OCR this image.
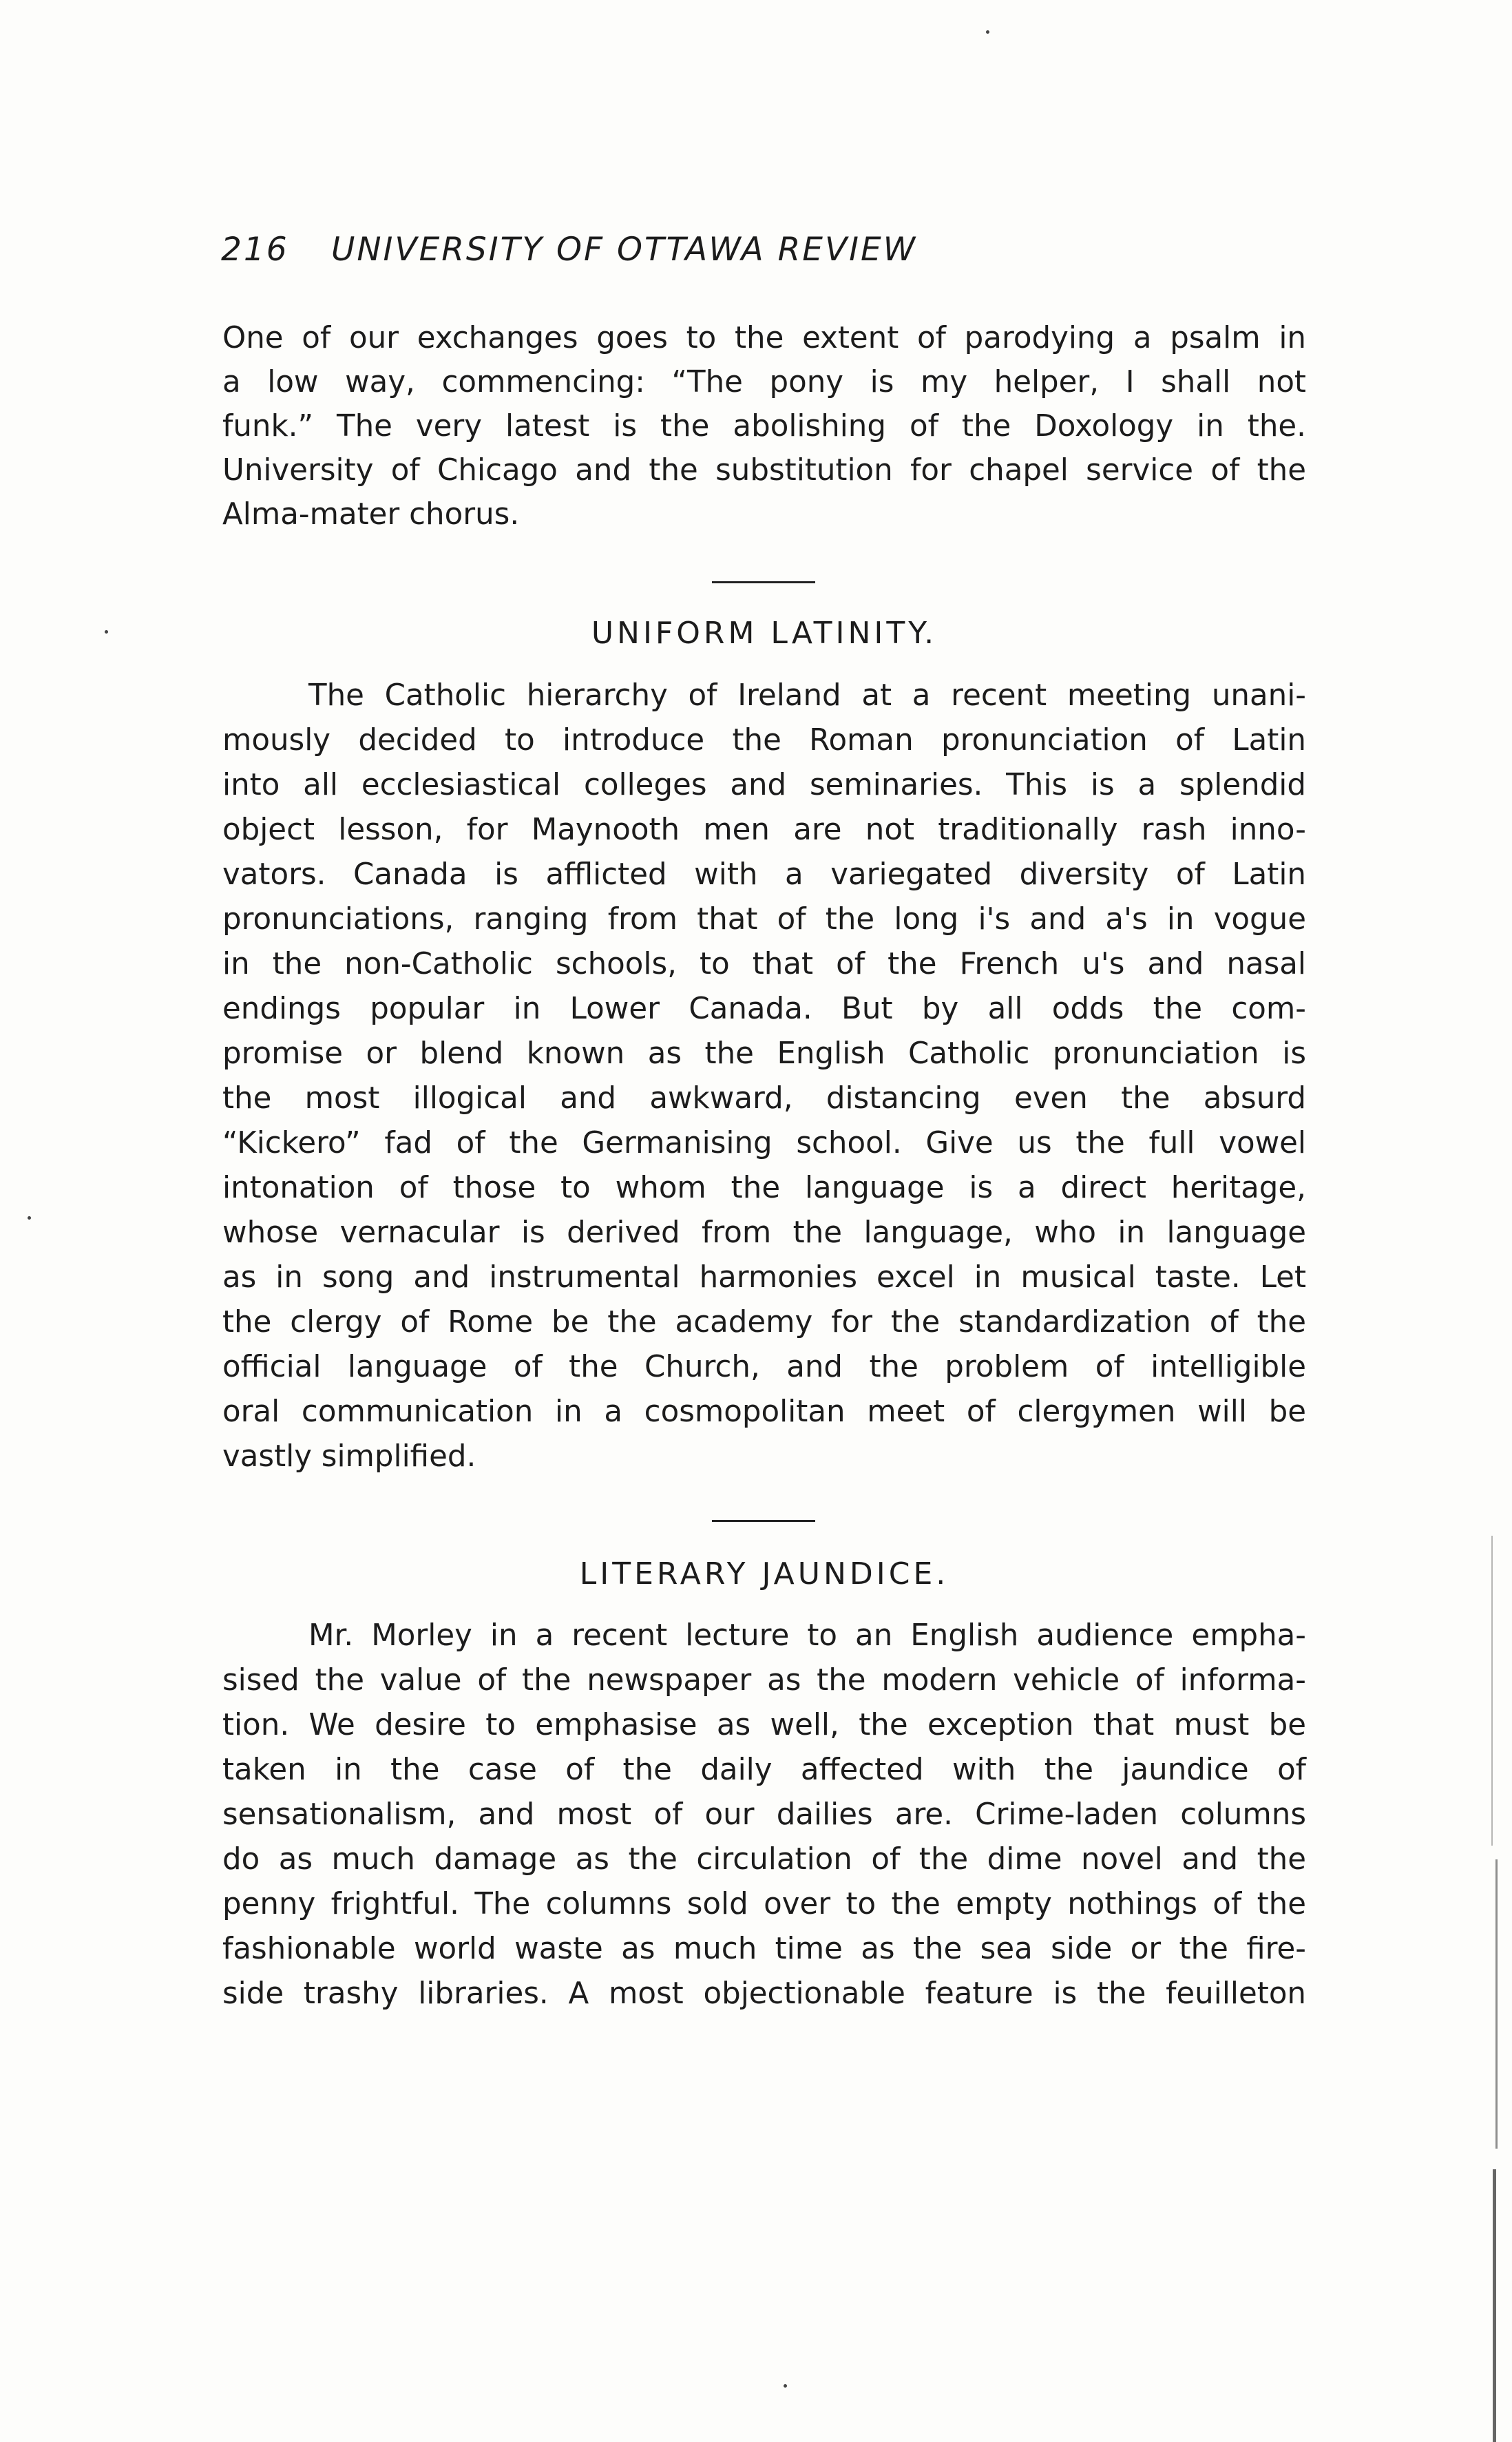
216 UNIVERSITY OF OTTAWA REVIEW
One of our exchanges goes to the extent of parodying a psalm in
a low way, commencing: “The pony is my helper, I shall not
funk.” The very latest is the abolishing of the Doxology in the.
University of Chicago and the substitution for chapel service of the
Alma-mater chorus.
UNIFORM LATINITY.
The Catholic hierarchy of Ireland at a recent meeting unani-
mously decided to introduce the Roman pronunciation of Latin
into all ecclesiastical colleges and seminaries. This is a splendid
object lesson, for Maynooth men are not traditionally rash inno-
vators. Canada is afflicted with a variegated diversity of Latin
pronunciations, ranging from that of the long i's and a's in vogue
in the non-Catholic schools, to that of the French u's and nasal
endings popular in Lower Canada. But by all odds the com-
promise or blend known as the English Catholic pronunciation is
the most illogical and awkward, distancing even the absurd
“Kickero” fad of the Germanising school. Give us the full vowel
intonation of those to whom the language is a direct heritage,
whose vernacular is derived from the language, who in language
as in song and instrumental harmonies excel in musical taste. Let
the clergy of Rome be the academy for the standardization of the
official language of the Church, and the problem of intelligible
oral communication in a cosmopolitan meet of clergymen will be
vastly simplified.
LITERARY JAUNDICE.
Mr. Morley in a recent lecture to an English audience empha-
sised the value of the newspaper as the modern vehicle of informa-
tion. We desire to emphasise as well, the exception that must be
taken in the case of the daily affected with the jaundice of
sensationalism, and most of our dailies are. Crime-laden columns
do as much damage as the circulation of the dime novel and the
penny frightful. The columns sold over to the empty nothings of the
fashionable world waste as much time as the sea side or the fire-
side trashy libraries. A most objectionable feature is the feuilleton
